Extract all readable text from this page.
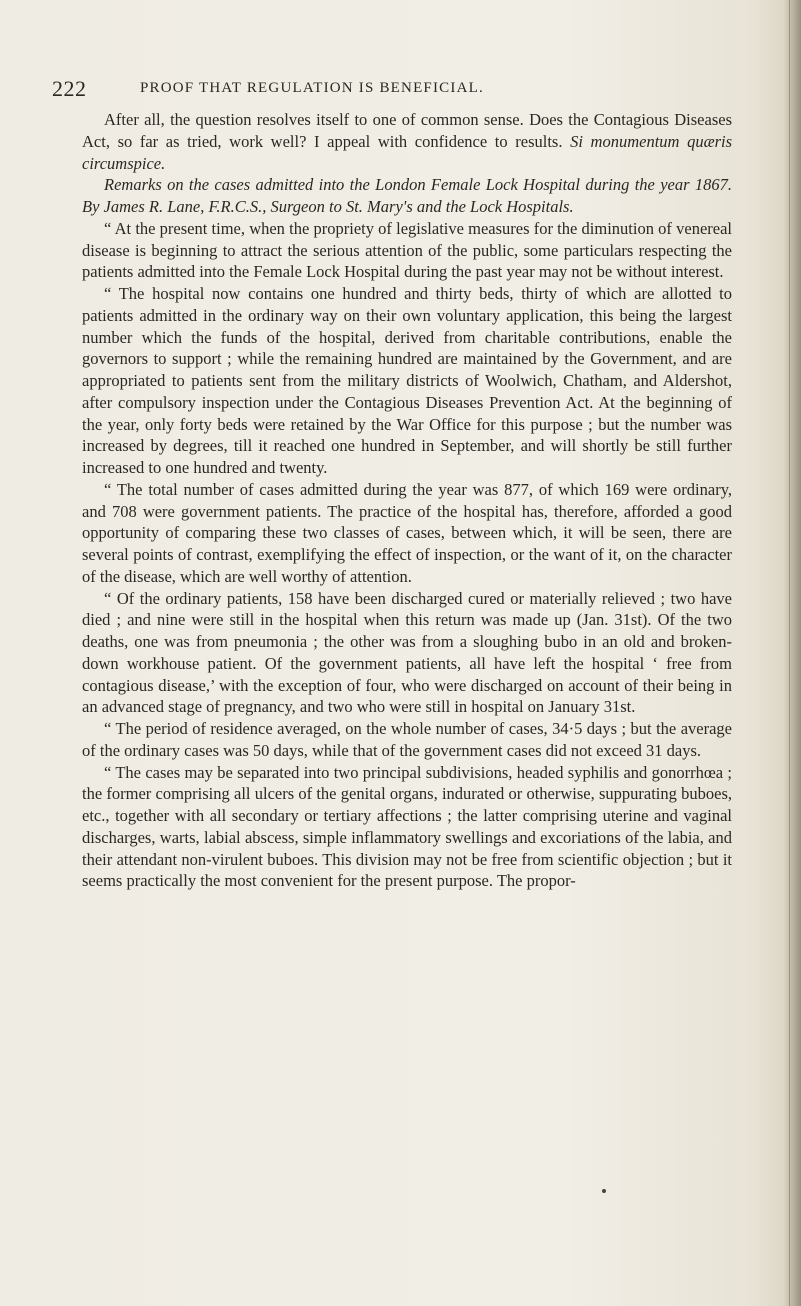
222	PROOF THAT REGULATION IS BENEFICIAL.

After all, the question resolves itself to one of common sense. Does the Contagious Diseases Act, so far as tried, work well? I appeal with confidence to results. Si monumentum quæris circumspice.

Remarks on the cases admitted into the London Female Lock Hospital during the year 1867. By James R. Lane, F.R.C.S., Surgeon to St. Mary's and the Lock Hospitals.

“ At the present time, when the propriety of legislative measures for the diminution of venereal disease is beginning to attract the serious attention of the public, some particulars respecting the patients admitted into the Female Lock Hospital during the past year may not be without interest.

“ The hospital now contains one hundred and thirty beds, thirty of which are allotted to patients admitted in the ordinary way on their own voluntary application, this being the largest number which the funds of the hospital, derived from charitable contributions, enable the governors to support ; while the remaining hundred are maintained by the Government, and are appropriated to patients sent from the military districts of Woolwich, Chatham, and Aldershot, after compulsory inspection under the Contagious Diseases Prevention Act. At the beginning of the year, only forty beds were retained by the War Office for this purpose ; but the number was increased by degrees, till it reached one hundred in September, and will shortly be still further increased to one hundred and twenty.

“ The total number of cases admitted during the year was 877, of which 169 were ordinary, and 708 were government patients. The practice of the hospital has, therefore, afforded a good opportunity of comparing these two classes of cases, between which, it will be seen, there are several points of contrast, exemplifying the effect of inspection, or the want of it, on the character of the disease, which are well worthy of attention.

“ Of the ordinary patients, 158 have been discharged cured or materially relieved ; two have died ; and nine were still in the hospital when this return was made up (Jan. 31st). Of the two deaths, one was from pneumonia ; the other was from a sloughing bubo in an old and broken-down workhouse patient. Of the government patients, all have left the hospital ‘ free from contagious disease,’ with the exception of four, who were discharged on account of their being in an advanced stage of pregnancy, and two who were still in hospital on January 31st.

“ The period of residence averaged, on the whole number of cases, 34·5 days ; but the average of the ordinary cases was 50 days, while that of the government cases did not exceed 31 days.

“ The cases may be separated into two principal subdivisions, headed syphilis and gonorrhœa ; the former comprising all ulcers of the genital organs, indurated or otherwise, suppurating buboes, etc., together with all secondary or tertiary affections ; the latter comprising uterine and vaginal discharges, warts, labial abscess, simple inflammatory swellings and excoriations of the labia, and their attendant non-virulent buboes. This division may not be free from scientific objection ; but it seems practically the most convenient for the present purpose. The propor-
